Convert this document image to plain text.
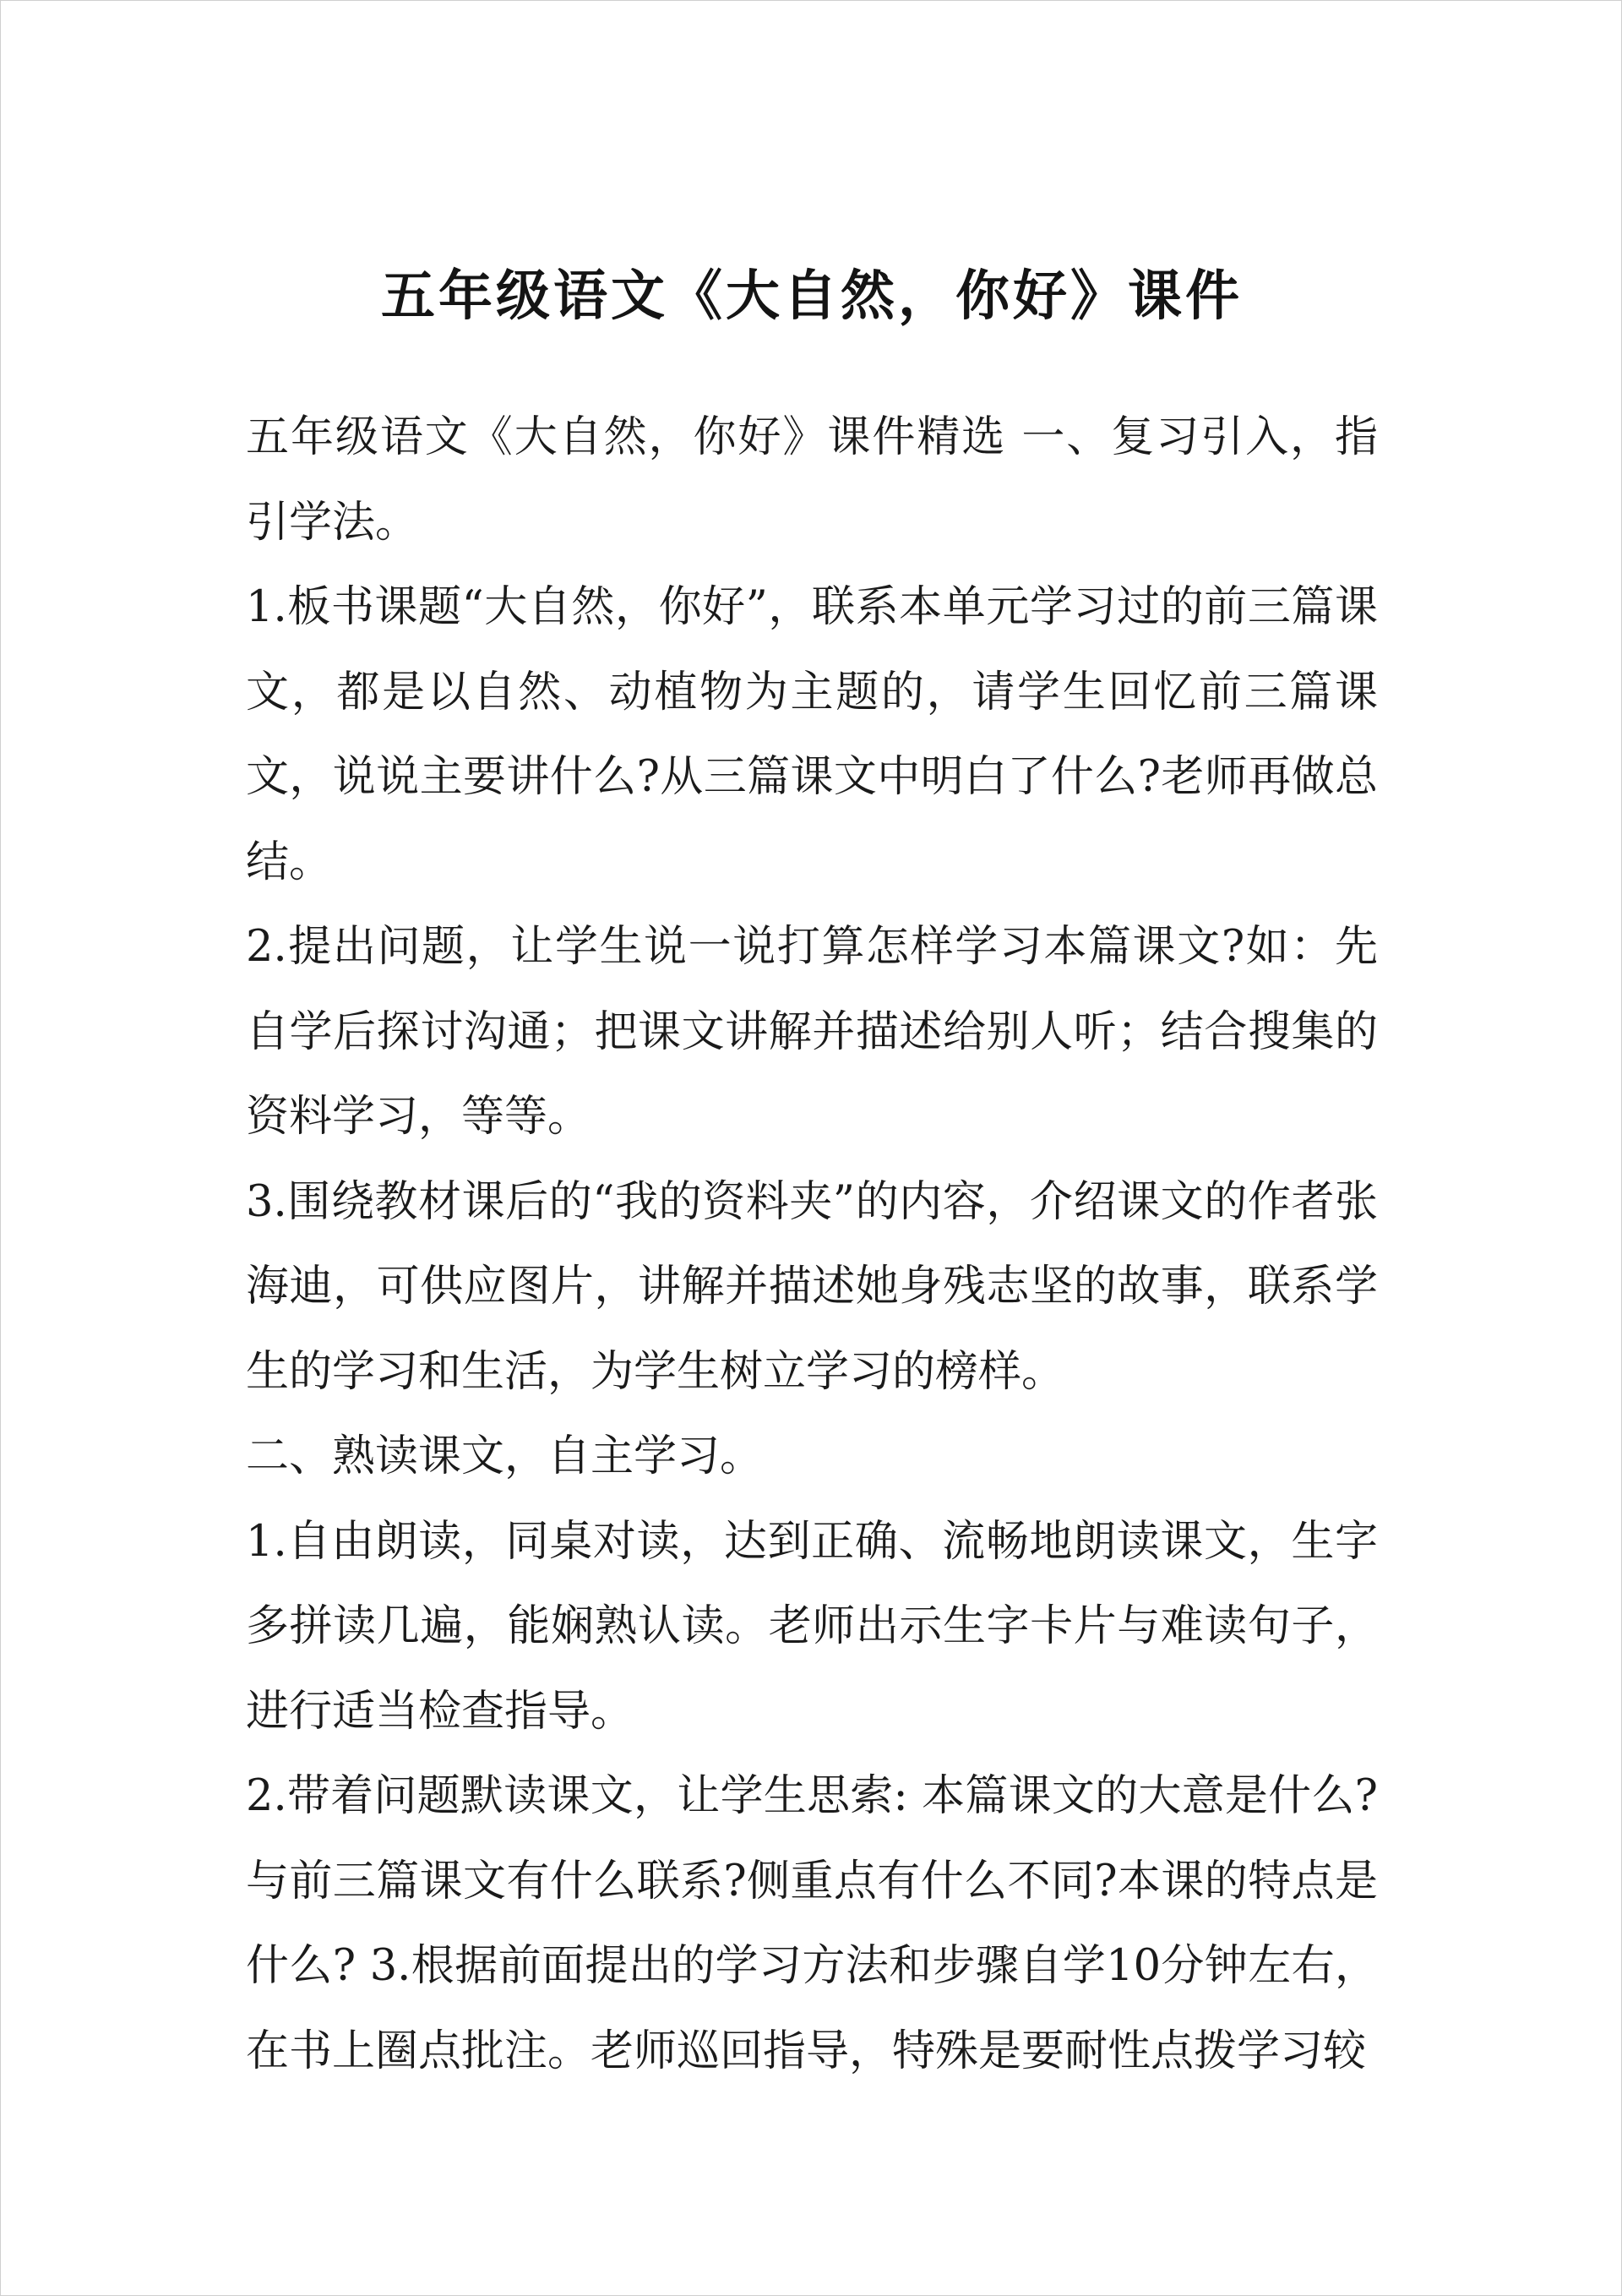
五年级语文《大自然，你好》课件

五年级语文《大自然，你好》课件精选 一、复习引入，指引学法。

1.板书课题“大自然，你好”，联系本单元学习过的前三篇课文，都是以自然、动植物为主题的，请学生回忆前三篇课文，说说主要讲什么?从三篇课文中明白了什么?老师再做总结。

2.提出问题，让学生说一说打算怎样学习本篇课文?如：先自学后探讨沟通；把课文讲解并描述给别人听；结合搜集的资料学习，等等。

3.围绕教材课后的“我的资料夹”的内容，介绍课文的作者张海迪，可供应图片，讲解并描述她身残志坚的故事，联系学生的学习和生活，为学生树立学习的榜样。

二、熟读课文，自主学习。

1.自由朗读，同桌对读，达到正确、流畅地朗读课文，生字多拼读几遍，能娴熟认读。老师出示生字卡片与难读句子，进行适当检查指导。

2.带着问题默读课文，让学生思索: 本篇课文的大意是什么?与前三篇课文有什么联系?侧重点有什么不同?本课的特点是什么? 3.根据前面提出的学习方法和步骤自学10分钟左右，在书上圈点批注。老师巡回指导，特殊是要耐性点拨学习较
